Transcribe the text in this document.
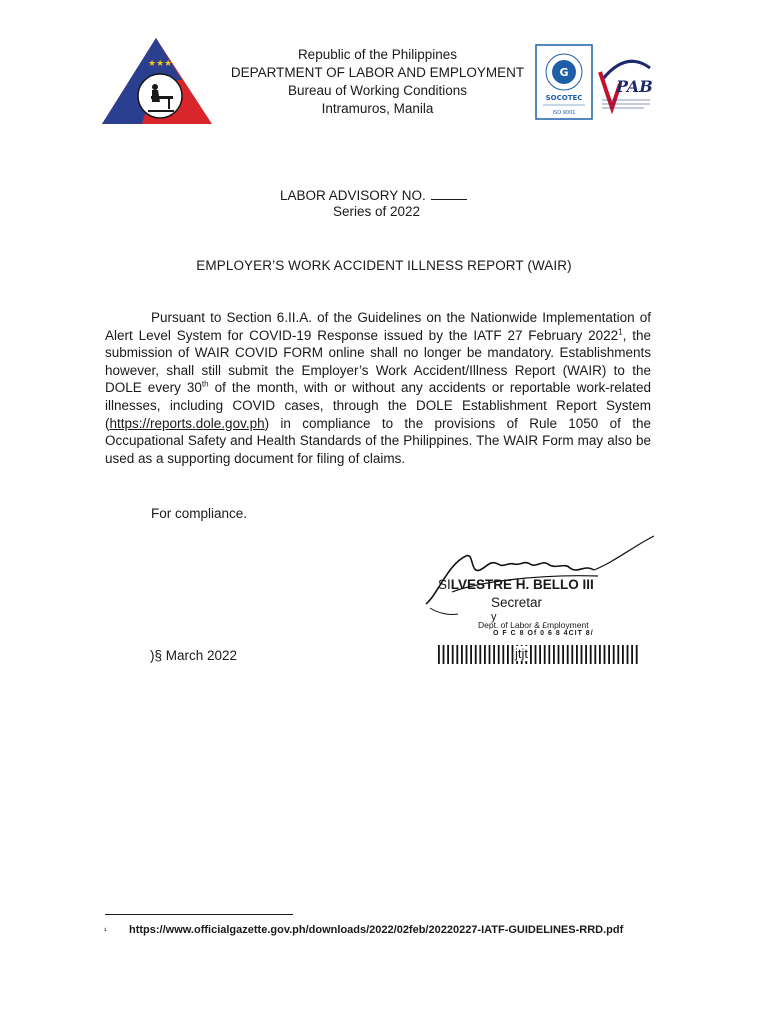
★★★
Republic of the Philippines
DEPARTMENT OF LABOR AND EMPLOYMENT
Bureau of Working Conditions
Intramuros, Manila
G
SOCOTEC
ISO 9001
PAB
LABOR ADVISORY NO.
Series of 2022
EMPLOYER’S WORK ACCIDENT ILLNESS REPORT (WAIR)
Pursuant to Section 6.II.A. of the Guidelines on the Nationwide Implementation of Alert Level System for COVID-19 Response issued by the IATF 27 February 2022$^1$, the submission of WAIR COVID FORM online shall no longer be mandatory. Establishments however, shall still submit the Employer’s Work Accident/Illness Report (WAIR) to the DOLE every 30th of the month, with or without any accidents or reportable work-related illnesses, including COVID cases, through the DOLE Establishment Report System (https://reports.dole.gov.ph) in compliance to the provisions of Rule 1050 of the Occupational Safety and Health Standards of the Philippines. The WAIR Form may also be used as a supporting document for filing of claims.
For compliance.
SILVESTRE H. BELLO III
Secretar
y
Dept. of Labor & £mployment
O F C 8 Of 0 6 8 4CIT 8/
jtjt
)§ March 2022
¹ https://www.officialgazette.gov.ph/downloads/2022/02feb/20220227-IATF-GUIDELINES-RRD.pdf
